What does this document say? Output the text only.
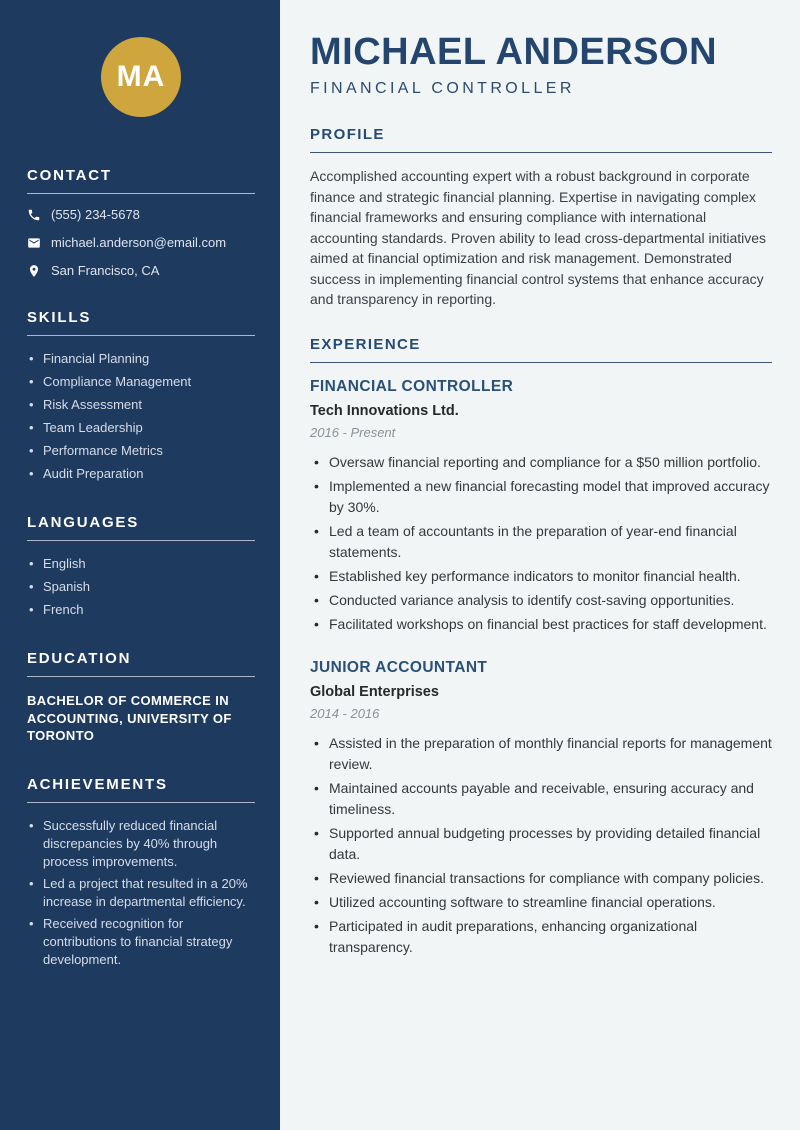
MA
CONTACT
(555) 234-5678
michael.anderson@email.com
San Francisco, CA
SKILLS
• Financial Planning
• Compliance Management
• Risk Assessment
• Team Leadership
• Performance Metrics
• Audit Preparation
LANGUAGES
• English
• Spanish
• French
EDUCATION
BACHELOR OF COMMERCE IN ACCOUNTING, UNIVERSITY OF TORONTO
ACHIEVEMENTS
• Successfully reduced financial discrepancies by 40% through process improvements.
• Led a project that resulted in a 20% increase in departmental efficiency.
• Received recognition for contributions to financial strategy development.
MICHAEL ANDERSON
FINANCIAL CONTROLLER
PROFILE

Accomplished accounting expert with a robust background in corporate finance and strategic financial planning. Expertise in navigating complex financial frameworks and ensuring compliance with international accounting standards. Proven ability to lead cross-departmental initiatives aimed at financial optimization and risk management. Demonstrated success in implementing financial control systems that enhance accuracy and transparency in reporting.

EXPERIENCE
FINANCIAL CONTROLLER
Tech Innovations Ltd.
2016 - Present
• Oversaw financial reporting and compliance for a $50 million portfolio.
• Implemented a new financial forecasting model that improved accuracy by 30%.
• Led a team of accountants in the preparation of year-end financial statements.
• Established key performance indicators to monitor financial health.
• Conducted variance analysis to identify cost-saving opportunities.
• Facilitated workshops on financial best practices for staff development.
JUNIOR ACCOUNTANT
Global Enterprises
2014 - 2016
• Assisted in the preparation of monthly financial reports for management review.
• Maintained accounts payable and receivable, ensuring accuracy and timeliness.
• Supported annual budgeting processes by providing detailed financial data.
• Reviewed financial transactions for compliance with company policies.
• Utilized accounting software to streamline financial operations.
• Participated in audit preparations, enhancing organizational transparency.
